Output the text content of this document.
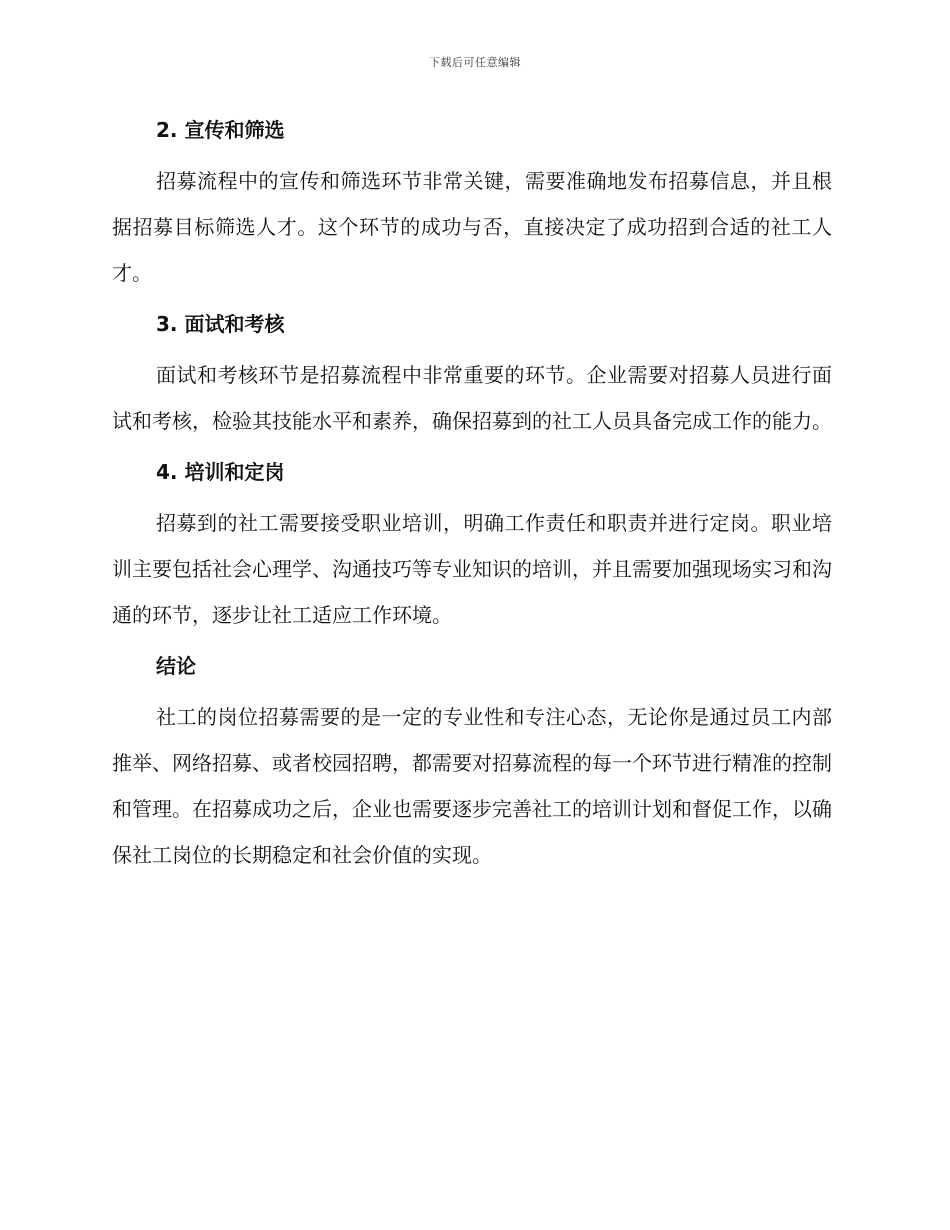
下载后可任意编辑
2. 宣传和筛选

招募流程中的宣传和筛选环节非常关键，需要准确地发布招募信息，并且根据招募目标筛选人才。这个环节的成功与否，直接决定了成功招到合适的社工人才。

3. 面试和考核

面试和考核环节是招募流程中非常重要的环节。企业需要对招募人员进行面试和考核，检验其技能水平和素养，确保招募到的社工人员具备完成工作的能力。

4. 培训和定岗

招募到的社工需要接受职业培训，明确工作责任和职责并进行定岗。职业培训主要包括社会心理学、沟通技巧等专业知识的培训，并且需要加强现场实习和沟通的环节，逐步让社工适应工作环境。

结论

社工的岗位招募需要的是一定的专业性和专注心态，无论你是通过员工内部推举、网络招募、或者校园招聘，都需要对招募流程的每一个环节进行精准的控制和管理。在招募成功之后，企业也需要逐步完善社工的培训计划和督促工作，以确保社工岗位的长期稳定和社会价值的实现。
